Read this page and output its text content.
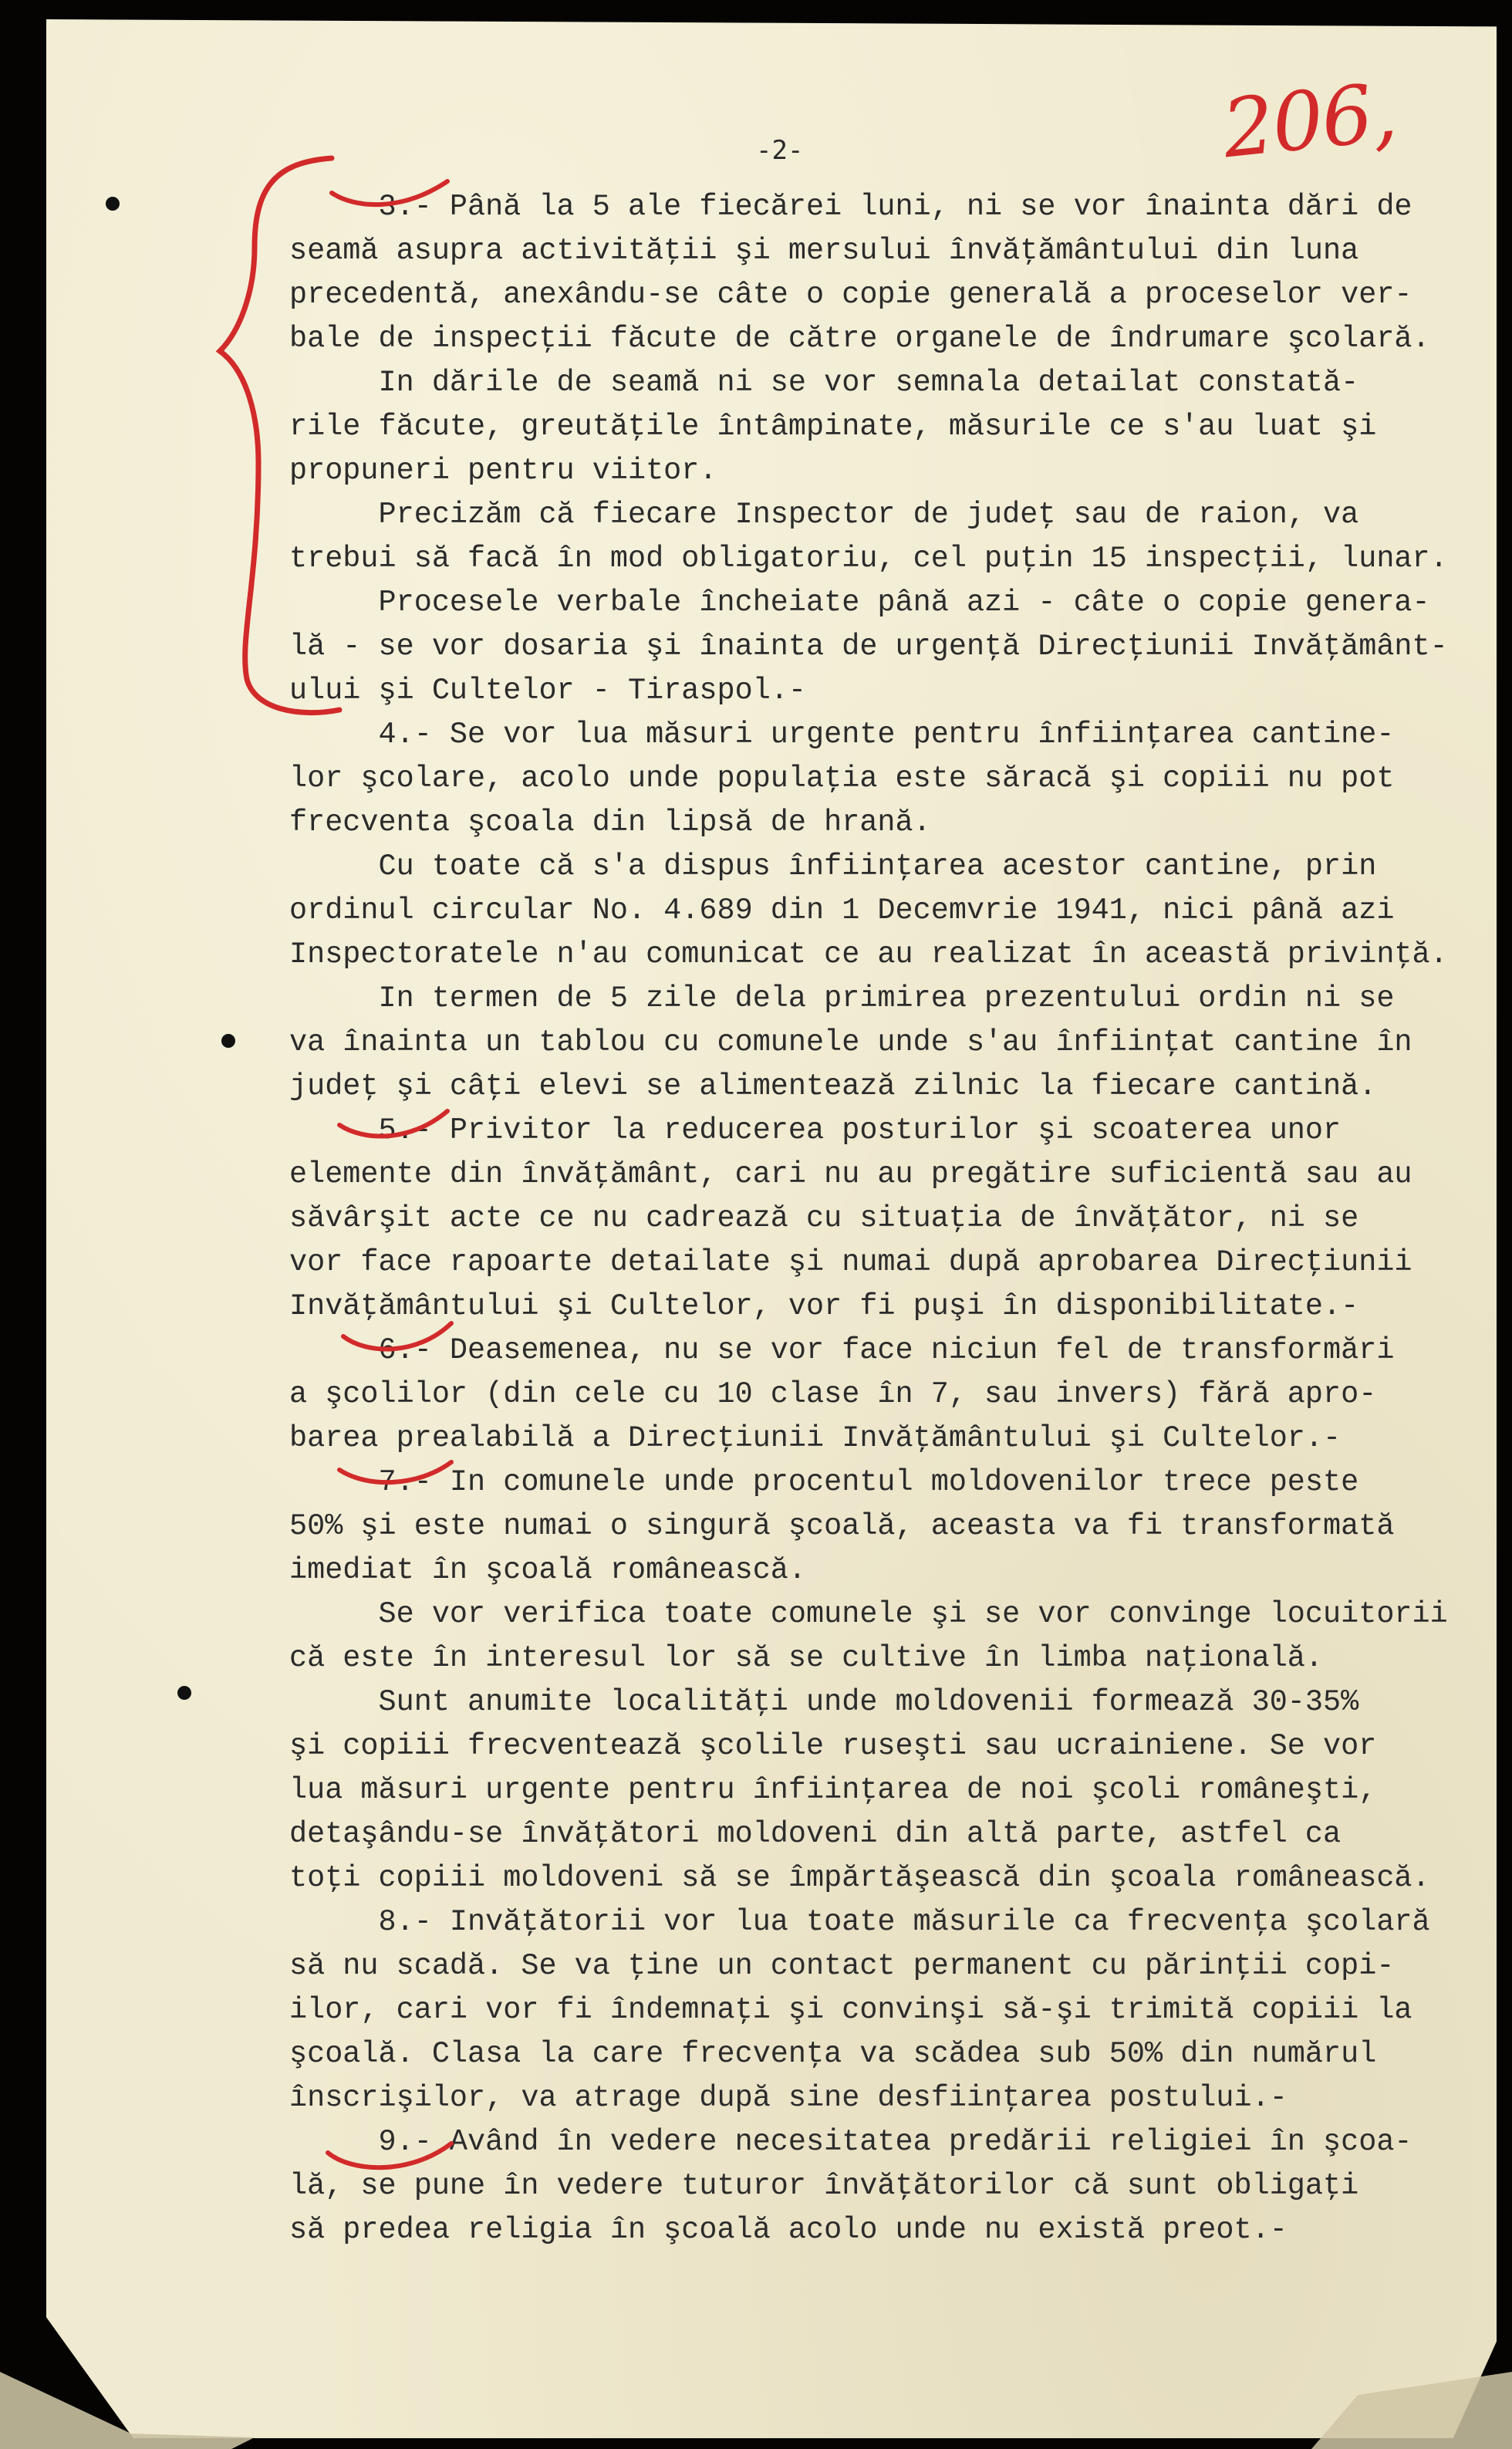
-2-	206,
3.- Până la 5 ale fiecărei luni, ni se vor înainta dări de
seamă asupra activităţii şi mersului învăţământului din luna
precedentă, anexându-se câte o copie generală a proceselor ver-
bale de inspecţii făcute de către organele de îndrumare şcolară.
In dările de seamă ni se vor semnala detailat constată-
rile făcute, greutăţile întâmpinate, măsurile ce s'au luat şi
propuneri pentru viitor.
Precizăm că fiecare Inspector de judeţ sau de raion, va
trebui să facă în mod obligatoriu, cel puţin 15 inspecţii, lunar.
Procesele verbale încheiate până azi - câte o copie genera-
lă - se vor dosaria şi înainta de urgenţă Direcţiunii Invăţământ-
ului şi Cultelor - Tiraspol.-
4.- Se vor lua măsuri urgente pentru înfiinţarea cantine-
lor şcolare, acolo unde populaţia este săracă şi copiii nu pot
frecventa şcoala din lipsă de hrană.
Cu toate că s'a dispus înfiinţarea acestor cantine, prin
ordinul circular No. 4.689 din 1 Decemvrie 1941, nici până azi
Inspectoratele n'au comunicat ce au realizat în această privinţă.
In termen de 5 zile dela primirea prezentului ordin ni se
va înainta un tablou cu comunele unde s'au înfiinţat cantine în
judeţ şi câţi elevi se alimentează zilnic la fiecare cantină.
5.- Privitor la reducerea posturilor şi scoaterea unor
elemente din învăţământ, cari nu au pregătire suficientă sau au
săvârşit acte ce nu cadrează cu situaţia de învăţător, ni se
vor face rapoarte detailate şi numai după aprobarea Direcţiunii
Invăţământului şi Cultelor, vor fi puşi în disponibilitate.-
6.- Deasemenea, nu se vor face niciun fel de transformări
a şcolilor (din cele cu 10 clase în 7, sau invers) fără apro-
barea prealabilă a Direcţiunii Invăţământului şi Cultelor.-
7.- In comunele unde procentul moldovenilor trece peste
50% şi este numai o singură şcoală, aceasta va fi transformată
imediat în şcoală românească.
Se vor verifica toate comunele şi se vor convinge locuitorii
că este în interesul lor să se cultive în limba naţională.
Sunt anumite localităţi unde moldovenii formează 30-35%
şi copiii frecventează şcolile ruseşti sau ucrainiene. Se vor
lua măsuri urgente pentru înfiinţarea de noi şcoli româneşti,
detaşându-se învăţători moldoveni din altă parte, astfel ca
toţi copiii moldoveni să se împărtăşească din şcoala românească.
8.- Invăţătorii vor lua toate măsurile ca frecvenţa şcolară
să nu scadă. Se va ţine un contact permanent cu părinţii copi-
ilor, cari vor fi îndemnaţi şi convinşi să-şi trimită copiii la
şcoală. Clasa la care frecvenţa va scădea sub 50% din numărul
înscrişilor, va atrage după sine desfiinţarea postului.-
9.- Având în vedere necesitatea predării religiei în şcoa-
lă, se pune în vedere tuturor învăţătorilor că sunt obligaţi
să predea religia în şcoală acolo unde nu există preot.-
